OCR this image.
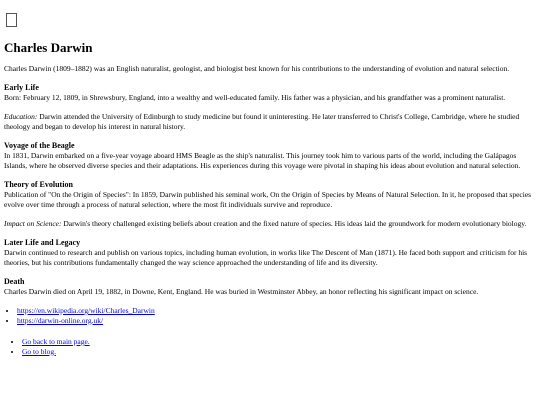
Charles Darwin

Charles Darwin (1809–1882) was an English naturalist, geologist, and biologist best known for his contributions to the understanding of evolution and natural selection.

Early Life

Born: February 12, 1809, in Shrewsbury, England, into a wealthy and well-educated family. His father was a physician, and his grandfather was a prominent naturalist.

Education: Darwin attended the University of Edinburgh to study medicine but found it uninteresting. He later transferred to Christ's College, Cambridge, where he studied theology and began to develop his interest in natural history.

Voyage of the Beagle

In 1831, Darwin embarked on a five-year voyage aboard HMS Beagle as the ship's naturalist. This journey took him to various parts of the world, including the Galápagos Islands, where he observed diverse species and their adaptations. His experiences during this voyage were pivotal in shaping his ideas about evolution and natural selection.

Theory of Evolution

Publication of "On the Origin of Species": In 1859, Darwin published his seminal work, On the Origin of Species by Means of Natural Selection. In it, he proposed that species evolve over time through a process of natural selection, where the most fit individuals survive and reproduce.

Impact on Science: Darwin's theory challenged existing beliefs about creation and the fixed nature of species. His ideas laid the groundwork for modern evolutionary biology.

Later Life and Legacy

Darwin continued to research and publish on various topics, including human evolution, in works like The Descent of Man (1871). He faced both support and criticism for his theories, but his contributions fundamentally changed the way science approached the understanding of life and its diversity.

Death

Charles Darwin died on April 19, 1882, in Downe, Kent, England. He was buried in Westminster Abbey, an honor reflecting his significant impact on science.

• https://en.wikipedia.org/wiki/Charles_Darwin
• https://darwin-online.org.uk/
• Go back to main page.
• Go to blog.
